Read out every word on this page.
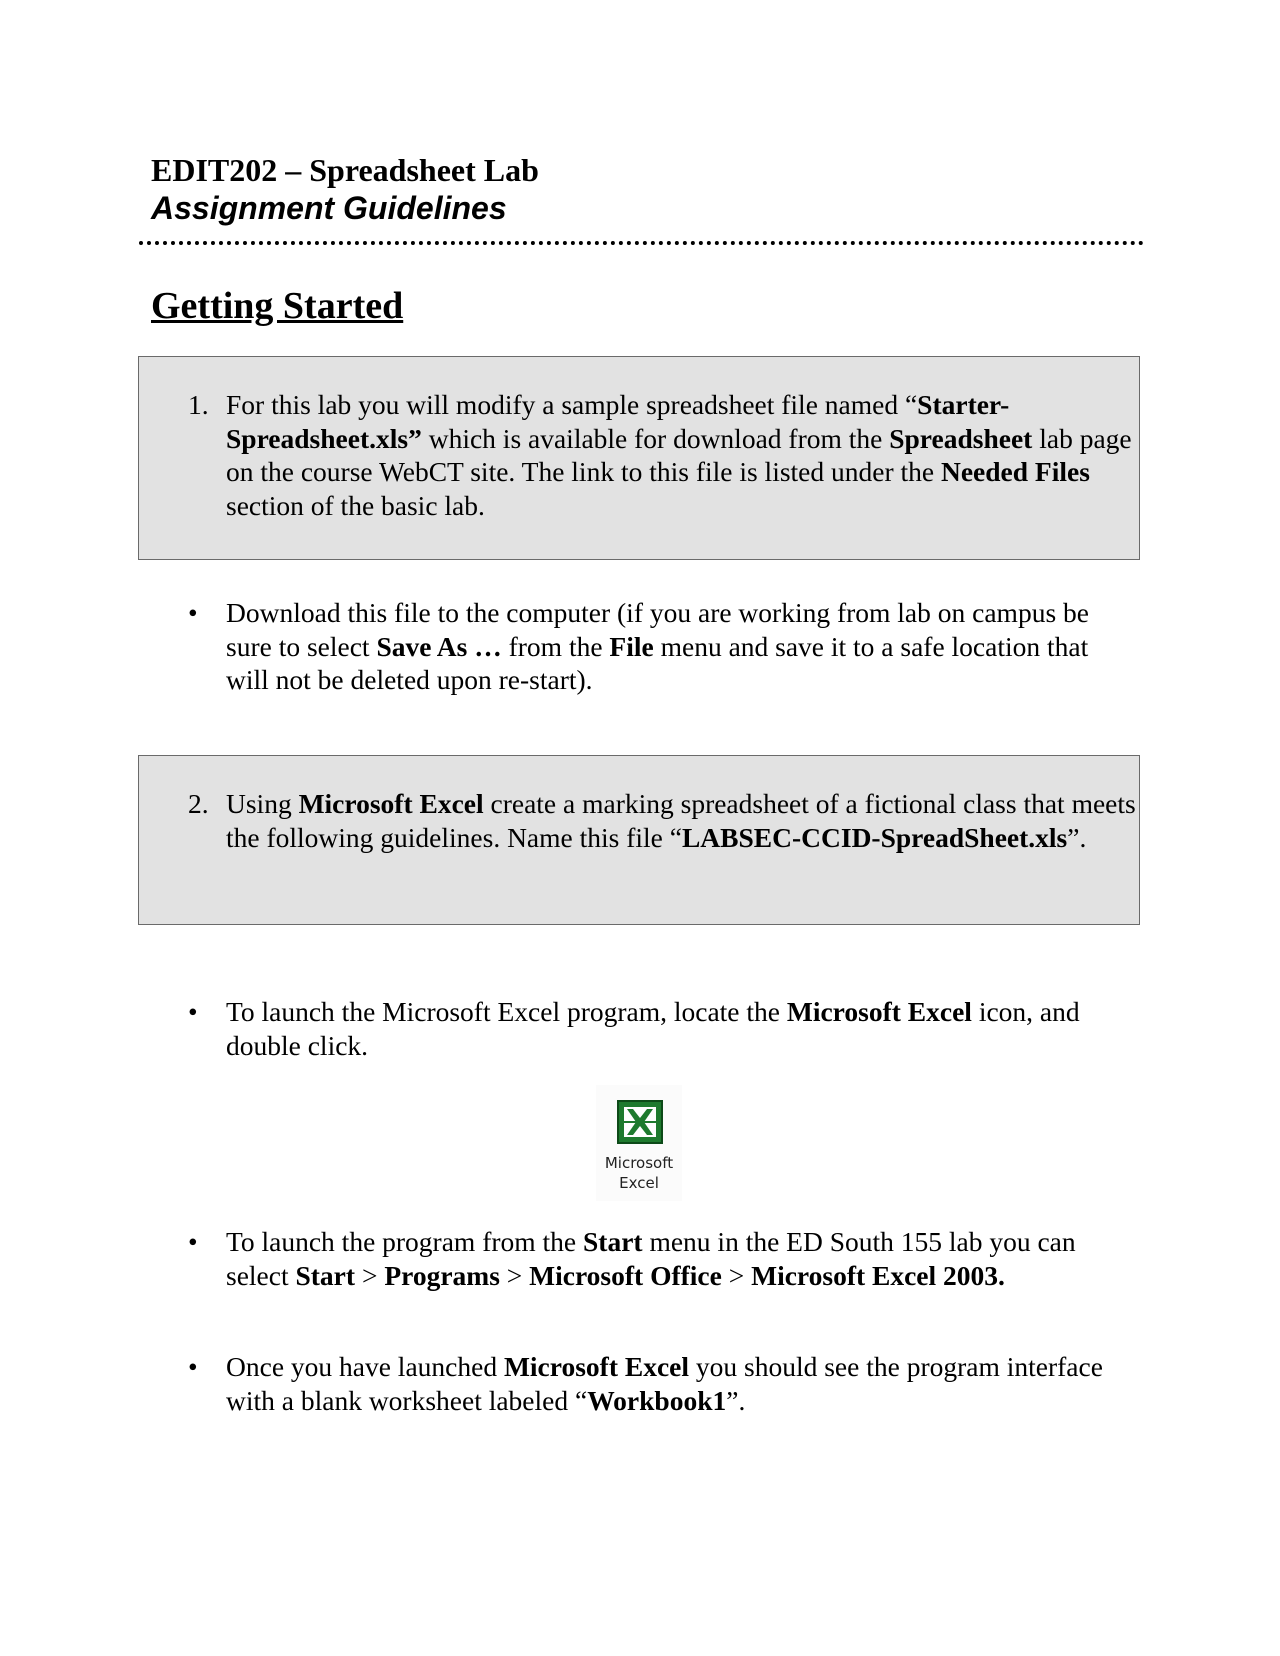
EDIT202 – Spreadsheet Lab
Assignment Guidelines
Getting Started
1. For this lab you will modify a sample spreadsheet file named “Starter-Spreadsheet.xls” which is available for download from the Spreadsheet lab page on the course WebCT site. The link to this file is listed under the Needed Files section of the basic lab.
•	Download this file to the computer (if you are working from lab on campus be sure to select Save As … from the File menu and save it to a safe location that will not be deleted upon re-start).
2. Using Microsoft Excel create a marking spreadsheet of a fictional class that meets the following guidelines. Name this file “LABSEC-CCID-SpreadSheet.xls”.
•	To launch the Microsoft Excel program, locate the Microsoft Excel icon, and double click.
Microsoft
Excel
•	To launch the program from the Start menu in the ED South 155 lab you can select Start > Programs > Microsoft Office > Microsoft Excel 2003.
•	Once you have launched Microsoft Excel you should see the program interface with a blank worksheet labeled “Workbook1”.
